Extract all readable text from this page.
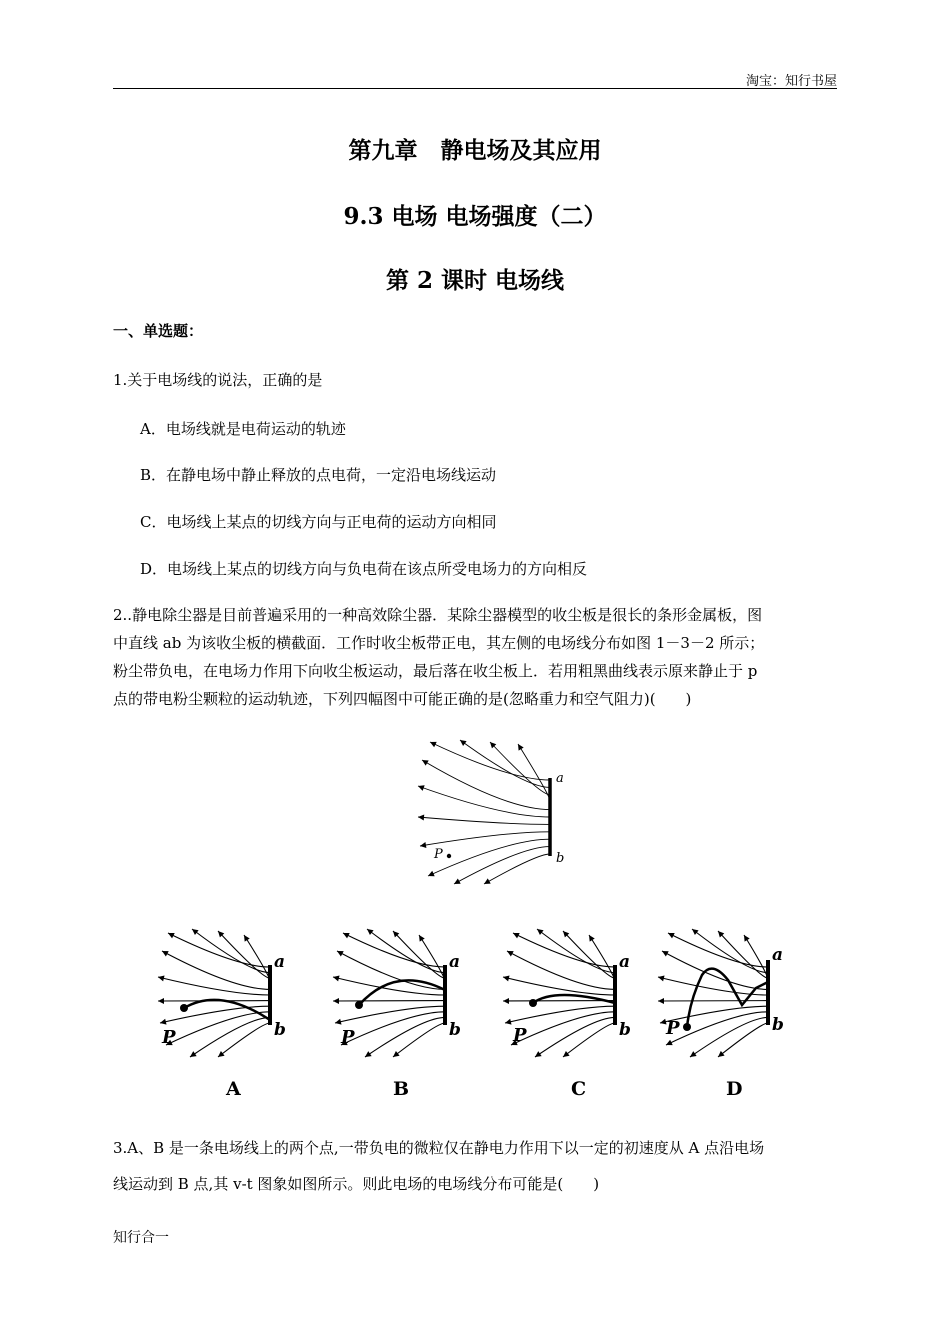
淘宝：知行书屋
第九章　静电场及其应用
9.3 电场 电场强度（二）
第 2 课时 电场线
一、单选题：
1.关于电场线的说法，正确的是
A．电场线就是电荷运动的轨迹
B．在静电场中静止释放的点电荷，一定沿电场线运动
C．电场线上某点的切线方向与正电荷的运动方向相同
D．电场线上某点的切线方向与负电荷在该点所受电场力的方向相反
2..静电除尘器是目前普遍采用的一种高效除尘器．某除尘器模型的收尘板是很长的条形金属板，图
中直线 ab 为该收尘板的横截面．工作时收尘板带正电，其左侧的电场线分布如图 1－3－2 所示；
粉尘带负电，在电场力作用下向收尘板运动，最后落在收尘板上．若用粗黑曲线表示原来静止于 p
点的带电粉尘颗粒的运动轨迹，下列四幅图中可能正确的是(忽略重力和空气阻力)(　　)
a
b
P
a
b
P
A
a
b
P
B
a
b
P
C
a
b
P
D
3.A、B 是一条电场线上的两个点,一带负电的微粒仅在静电力作用下以一定的初速度从 A 点沿电场
线运动到 B 点,其 v-t 图象如图所示。则此电场的电场线分布可能是(　　)
知行合一
